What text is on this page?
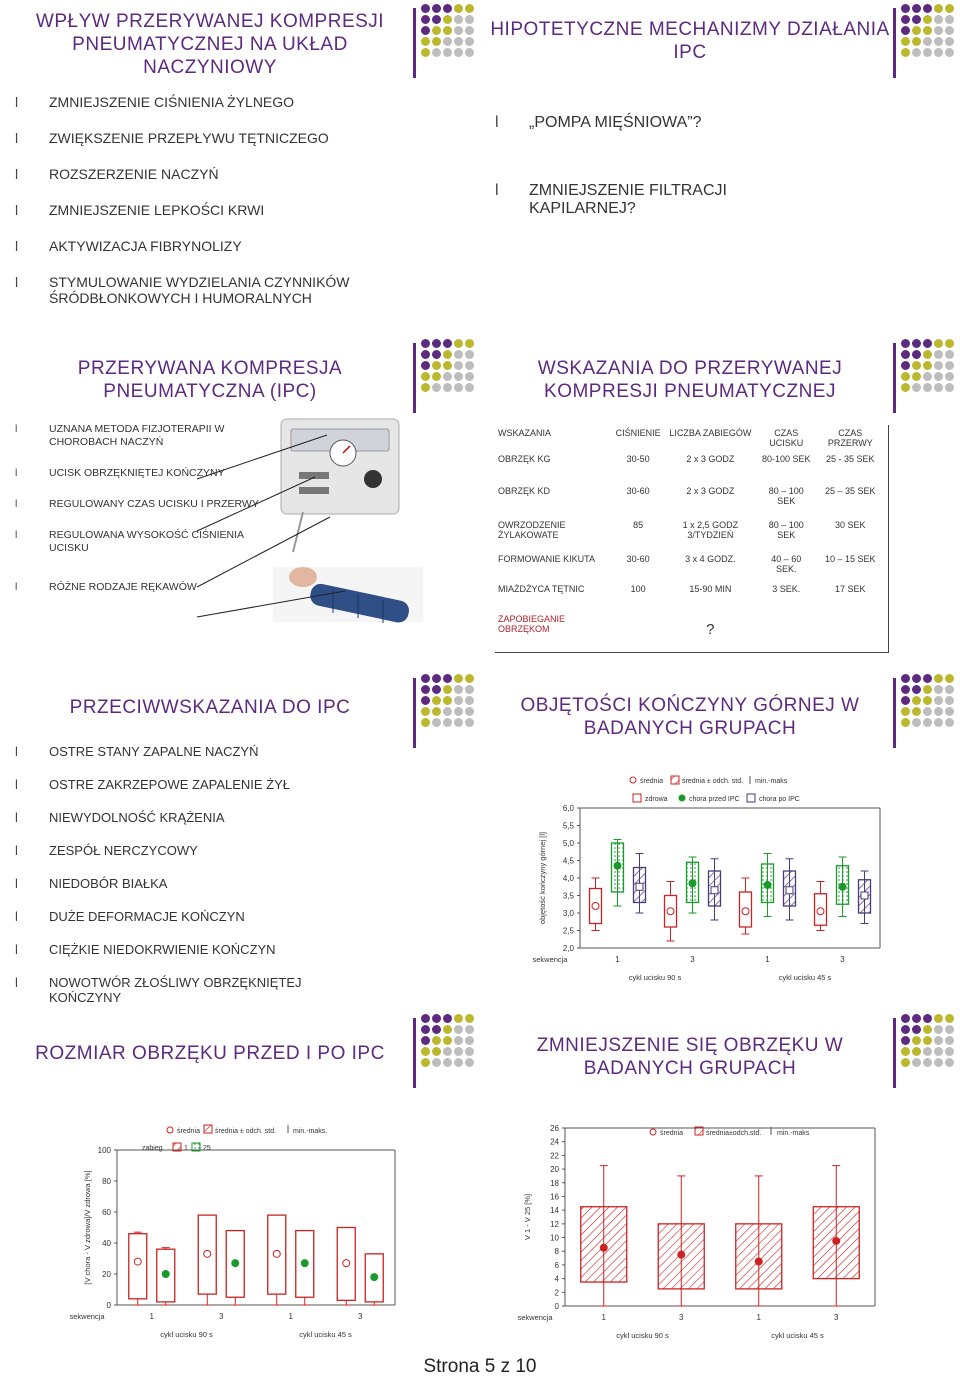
WPŁYW PRZERYWANEJ KOMPRESJI PNEUMATYCZNEJ NA UKŁAD NACZYNIOWY
l ZMNIEJSZENIE CIŚNIENIA ŻYLNEGO
l ZWIĘKSZENIE PRZEPŁYWU TĘTNICZEGO
l ROZSZERZENIE NACZYŃ
l ZMNIEJSZENIE LEPKOŚCI KRWI
l AKTYWIZACJA FIBRYNOLIZY
l STYMULOWANIE WYDZIELANIA CZYNNIKÓW ŚRÓDBŁONKOWYCH I HUMORALNYCH
HIPOTETYCZNE MECHANIZMY DZIAŁANIA IPC
l „POMPA MIĘŚNIOWA”?
l ZMNIEJSZENIE FILTRACJI KAPILARNEJ?
PRZERYWANA KOMPRESJA PNEUMATYCZNA (IPC)
l UZNANA METODA FIZJOTERAPII W CHOROBACH NACZYŃ
l UCISK OBRZĘKNIĘTEJ KOŃCZYNY
l REGULOWANY CZAS UCISKU I PRZERWY
l REGULOWANA WYSOKOŚĆ CIŚNIENIA UCISKU
l RÓŻNE RODZAJE RĘKAWÓW
WSKAZANIA DO PRZERYWANEJ KOMPRESJI PNEUMATYCZNEJ
WSKAZANIA	CIŚNIENIE	LICZBA ZABIEGÓW	CZAS UCISKU	CZAS PRZERWY
OBRZĘK KG	30-50	2 x 3 GODZ	80-100 SEK	25 - 35 SEK
OBRZĘK KD	30-60	2 x 3 GODZ	80 – 100 SEK	25 – 35 SEK
OWRZODZENIE ŻYLAKOWATE	85	1 x 2,5 GODZ 3/TYDZIEŃ	80 – 100 SEK	30 SEK
FORMOWANIE KIKUTA	30-60	3 x 4 GODZ.	40 – 60 SEK.	10 – 15 SEK
MIAŻDŻYCA TĘTNIC	100	15-90 MIN	3 SEK.	17 SEK
ZAPOBIEGANIE OBRZĘKOM		?		
PRZECIWWSKAZANIA DO IPC
l OSTRE STANY ZAPALNE NACZYŃ
l OSTRE ZAKRZEPOWE ZAPALENIE ŻYŁ
l NIEWYDOLNOŚĆ KRĄŻENIA
l ZESPÓŁ NERCZYCOWY
l NIEDOBÓR BIAŁKA
l DUŻE DEFORMACJE KOŃCZYN
l CIĘŻKIE NIEDOKRWIENIE KOŃCZYN
l NOWOTWÓR ZŁOŚLIWY OBRZĘKNIĘTEJ KOŃCZYNY
OBJĘTOŚCI KOŃCZYNY GÓRNEJ W BADANYCH GRUPACH
2,0
2,5
3,0
3,5
4,0
4,5
5,0
5,5
6,0
objętość kończyny górnej [l]
1	3	1	3
sekwencja
cykl ucisku 90 s	cykl ucisku 45 s
średnia	średnia ± odch. std. min.-maks
zdrowa	chora przed IPC	chora po IPC
ROZMIAR OBRZĘKU PRZED I PO IPC
0
20
40
60
80
100
[V chora - V zdrowa]/V zdrowa [%]
1	3	1	3
sekwencja
cykl ucisku 90 s	cykl ucisku 45 s
średnia średnia ± odch. std. min.-maks.
zabieg	1 25
ZMNIEJSZENIE SIĘ OBRZĘKU W BADANYCH GRUPACH
0
2
4
6
8
10
12
14
16
18
20
22
24
26
V 1 - V 25 [%]
1	3	1	3
sekwencja
cykl ucisku 90 s	cykl ucisku 45 s
średnia	średnia±odch.std. min.-maks
Strona 5 z 10
